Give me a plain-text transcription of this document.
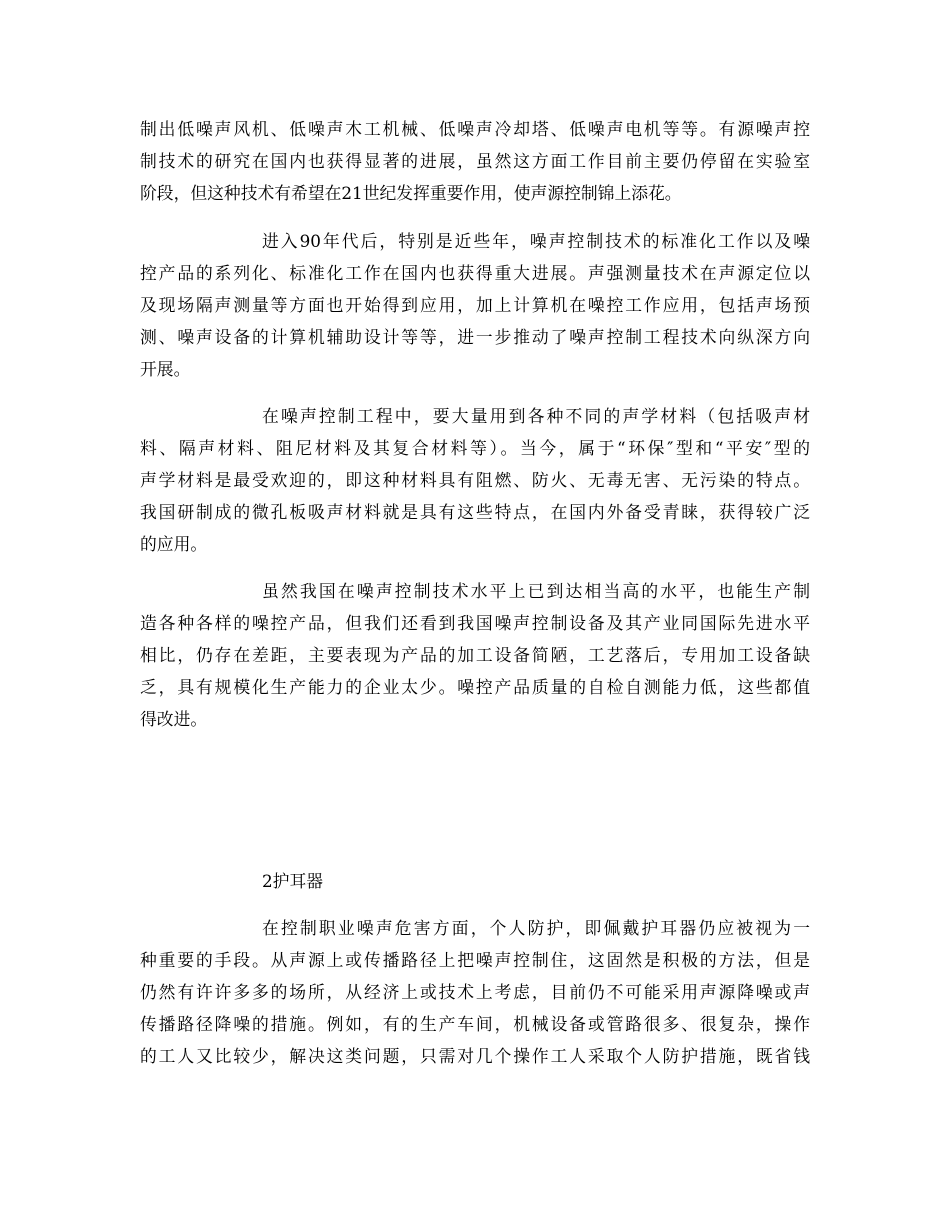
制出低噪声风机、低噪声木工机械、低噪声冷却塔、低噪声电机等等。有源噪声控
制技术的研究在国内也获得显著的进展，虽然这方面工作目前主要仍停留在实验室
阶段，但这种技术有希望在21世纪发挥重要作用，使声源控制锦上添花。
进入90年代后，特别是近些年，噪声控制技术的标准化工作以及噪
控产品的系列化、标准化工作在国内也获得重大进展。声强测量技术在声源定位以
及现场隔声测量等方面也开始得到应用，加上计算机在噪控工作应用，包括声场预
测、噪声设备的计算机辅助设计等等，进一步推动了噪声控制工程技术向纵深方向
开展。
在噪声控制工程中，要大量用到各种不同的声学材料（包括吸声材
料、隔声材料、阻尼材料及其复合材料等）。当今，属于“环保″型和“平安″型的
声学材料是最受欢迎的，即这种材料具有阻燃、防火、无毒无害、无污染的特点。
我国研制成的微孔板吸声材料就是具有这些特点，在国内外备受青睐，获得较广泛
的应用。
虽然我国在噪声控制技术水平上已到达相当高的水平，也能生产制
造各种各样的噪控产品，但我们还看到我国噪声控制设备及其产业同国际先进水平
相比，仍存在差距，主要表现为产品的加工设备简陋，工艺落后，专用加工设备缺
乏，具有规模化生产能力的企业太少。噪控产品质量的自检自测能力低，这些都值
得改进。
2护耳器
在控制职业噪声危害方面，个人防护，即佩戴护耳器仍应被视为一
种重要的手段。从声源上或传播路径上把噪声控制住，这固然是积极的方法，但是
仍然有许许多多的场所，从经济上或技术上考虑，目前仍不可能采用声源降噪或声
传播路径降噪的措施。例如，有的生产车间，机械设备或管路很多、很复杂，操作
的工人又比较少，解决这类问题，只需对几个操作工人采取个人防护措施，既省钱
